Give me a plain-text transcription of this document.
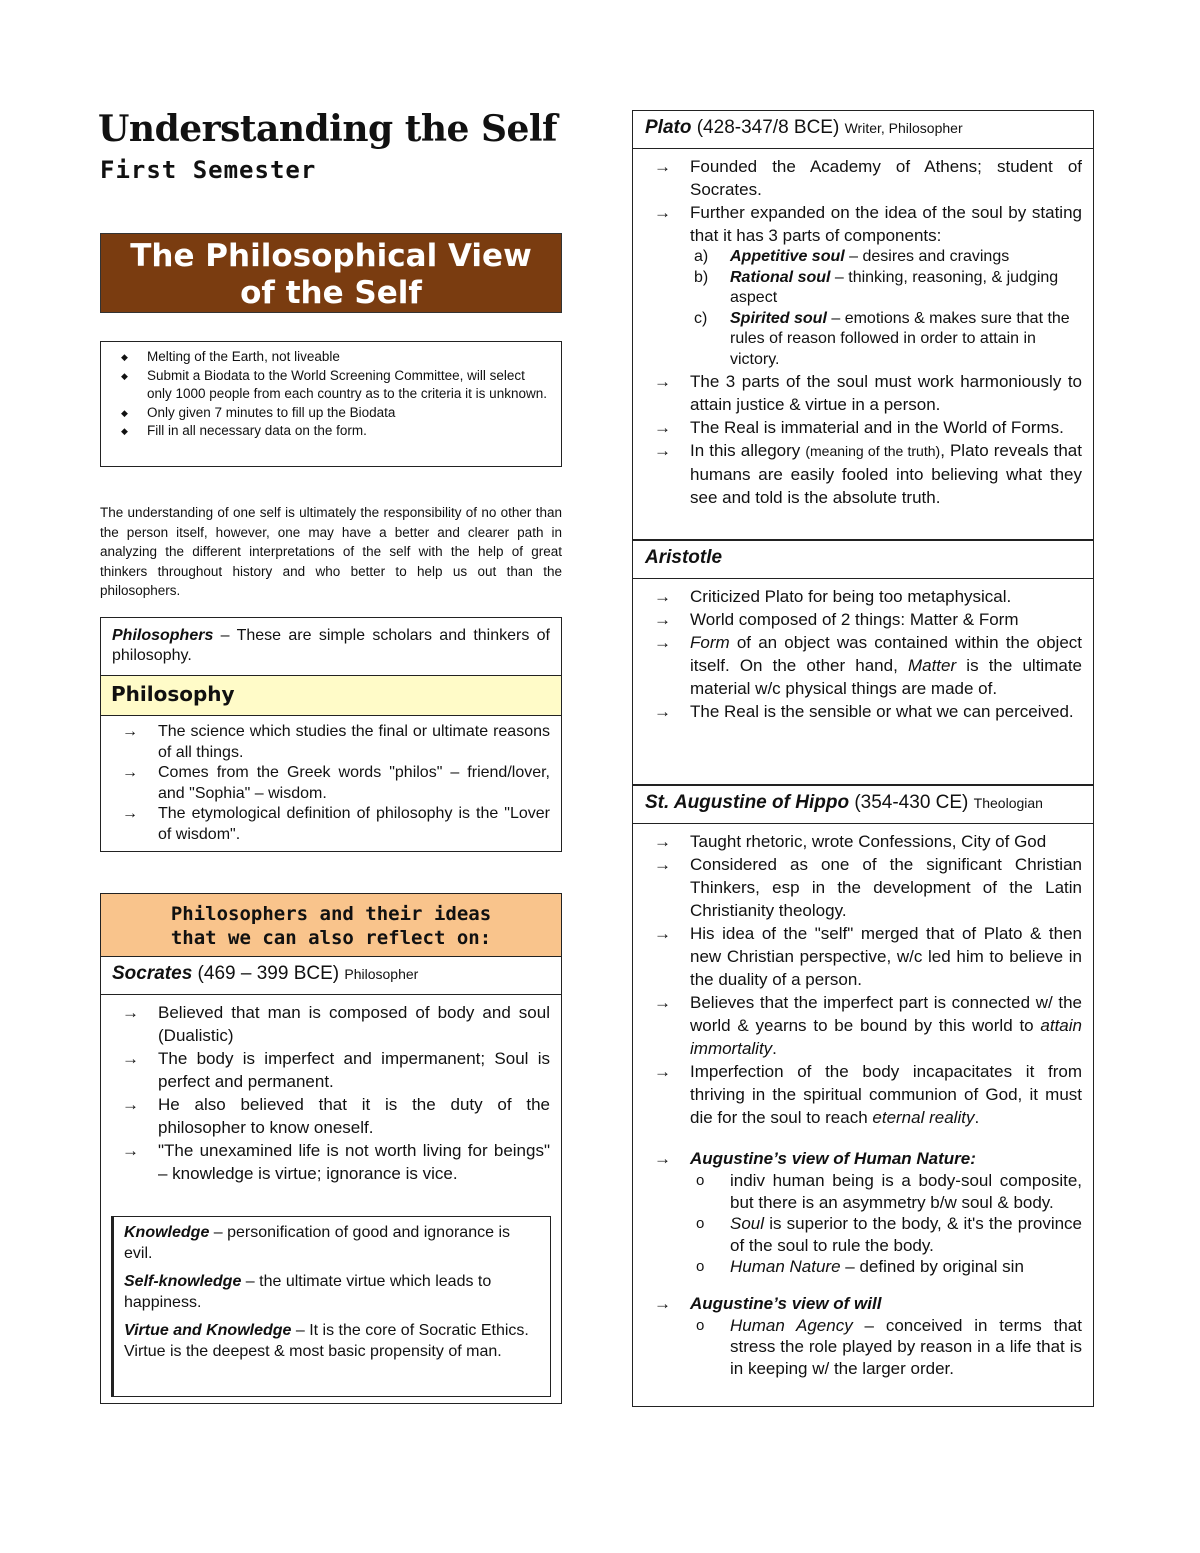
Understanding the Self
First Semester
The Philosophical View
of the Self
◆ Melting of the Earth, not liveable
◆ Submit a Biodata to the World Screening Committee, will select only 1000 people from each country as to the criteria it is unknown.
◆ Only given 7 minutes to fill up the Biodata
◆ Fill in all necessary data on the form.
The understanding of one self is ultimately the responsibility of no other than the person itself, however, one may have a better and clearer path in analyzing the different interpretations of the self with the help of great thinkers throughout history and who better to help us out than the philosophers.
Philosophers – These are simple scholars and thinkers of philosophy.
Philosophy
→ The science which studies the final or ultimate reasons of all things.
→ Comes from the Greek words "philos" – friend/lover, and "Sophia" – wisdom.
→ The etymological definition of philosophy is the "Lover of wisdom".
Philosophers and their ideas
that we can also reflect on:
Socrates (469 – 399 BCE) Philosopher
→ Believed that man is composed of body and soul (Dualistic)
→ The body is imperfect and impermanent; Soul is perfect and permanent.
→ He also believed that it is the duty of the philosopher to know oneself.
→ "The unexamined life is not worth living for beings" – knowledge is virtue; ignorance is vice.

Knowledge – personification of good and ignorance is evil.

Self-knowledge – the ultimate virtue which leads to happiness.

Virtue and Knowledge – It is the core of Socratic Ethics. Virtue is the deepest & most basic propensity of man.

Plato (428-347/8 BCE) Writer, Philosopher
→ Founded the Academy of Athens; student of Socrates.
→ Further expanded on the idea of the soul by stating that it has 3 parts of components:
a) Appetitive soul – desires and cravings
b) Rational soul – thinking, reasoning, & judging aspect
c) Spirited soul – emotions & makes sure that the rules of reason followed in order to attain in victory.
→ The 3 parts of the soul must work harmoniously to attain justice & virtue in a person.
→ The Real is immaterial and in the World of Forms.
→ In this allegory (meaning of the truth), Plato reveals that humans are easily fooled into believing what they see and told is the absolute truth.
Aristotle
→ Criticized Plato for being too metaphysical.
→ World composed of 2 things: Matter & Form
→ Form of an object was contained within the object itself. On the other hand, Matter is the ultimate material w/c physical things are made of.
→ The Real is the sensible or what we can perceived.
St. Augustine of Hippo (354-430 CE) Theologian
→ Taught rhetoric, wrote Confessions, City of God
→ Considered as one of the significant Christian Thinkers, esp in the development of the Latin Christianity theology.
→ His idea of the "self" merged that of Plato & then new Christian perspective, w/c led him to believe in the duality of a person.
→ Believes that the imperfect part is connected w/ the world & yearns to be bound by this world to attain immortality.
→ Imperfection of the body incapacitates it from thriving in the spiritual communion of God, it must die for the soul to reach eternal reality.
→ Augustine’s view of Human Nature:
o indiv human being is a body-soul composite, but there is an asymmetry b/w soul & body.
o Soul is superior to the body, & it's the province of the soul to rule the body.
o Human Nature – defined by original sin
→ Augustine’s view of will
o Human Agency – conceived in terms that stress the role played by reason in a life that is in keeping w/ the larger order.
